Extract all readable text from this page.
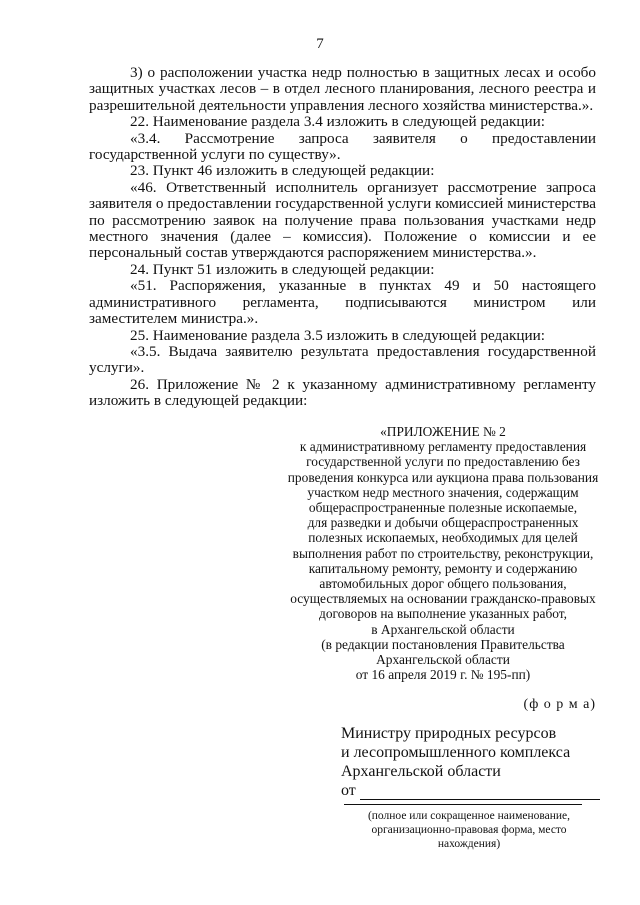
7

3) о расположении участка недр полностью в защитных лесах и особо защитных участках лесов – в отдел лесного планирования, лесного реестра и разрешительной деятельности управления лесного хозяйства министерства.».

22. Наименование раздела 3.4 изложить в следующей редакции:

«3.4. Рассмотрение запроса заявителя о предоставлении государственной услуги по существу».

23. Пункт 46 изложить в следующей редакции:

«46. Ответственный исполнитель организует рассмотрение запроса заявителя о предоставлении государственной услуги комиссией министерства по рассмотрению заявок на получение права пользования участками недр местного значения (далее – комиссия). Положение о комиссии и ее персональный состав утверждаются распоряжением министерства.».

24. Пункт 51 изложить в следующей редакции:

«51. Распоряжения, указанные в пунктах 49 и 50 настоящего административного регламента, подписываются министром или заместителем министра.».

25. Наименование раздела 3.5 изложить в следующей редакции:

«3.5. Выдача заявителю результата предоставления государственной услуги».

26. Приложение № 2 к указанному административному регламенту изложить в следующей редакции:

«ПРИЛОЖЕНИЕ № 2
к административному регламенту предоставления
государственной услуги по предоставлению без
проведения конкурса или аукциона права пользования
участком недр местного значения, содержащим
общераспространенные полезные ископаемые,
для разведки и добычи общераспространенных
полезных ископаемых, необходимых для целей
выполнения работ по строительству, реконструкции,
капитальному ремонту, ремонту и содержанию
автомобильных дорог общего пользования,
осуществляемых на основании гражданско-правовых
договоров на выполнение указанных работ,
в Архангельской области
(в редакции постановления Правительства
Архангельской области
от 16 апреля 2019 г. № 195-пп)
(ф о р м а)
Министру природных ресурсов
и лесопромышленного комплекса
Архангельской области
от
(полное или сокращенное наименование,
организационно-правовая форма, место нахождения)
